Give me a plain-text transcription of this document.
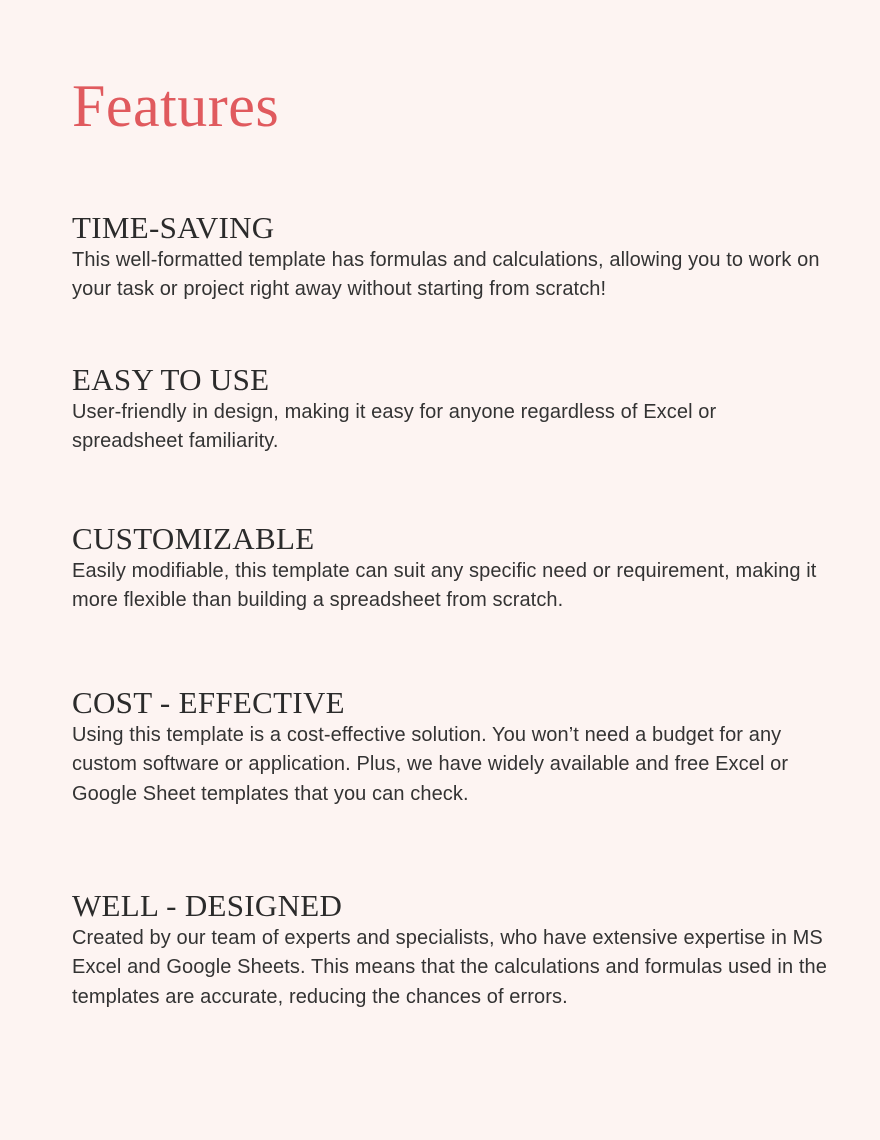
Features
TIME-SAVING

This well-formatted template has formulas and calculations, allowing you to work on your task or project right away without starting from scratch!

EASY TO USE

User-friendly in design, making it easy for anyone regardless of Excel or spreadsheet familiarity.

CUSTOMIZABLE

Easily modifiable, this template can suit any specific need or requirement, making it more flexible than building a spreadsheet from scratch.

COST - EFFECTIVE

Using this template is a cost-effective solution. You won’t need a budget for any custom software or application. Plus, we have widely available and free Excel or Google Sheet templates that you can check.

WELL - DESIGNED

Created by our team of experts and specialists, who have extensive expertise in MS Excel and Google Sheets. This means that the calculations and formulas used in the templates are accurate, reducing the chances of errors.
